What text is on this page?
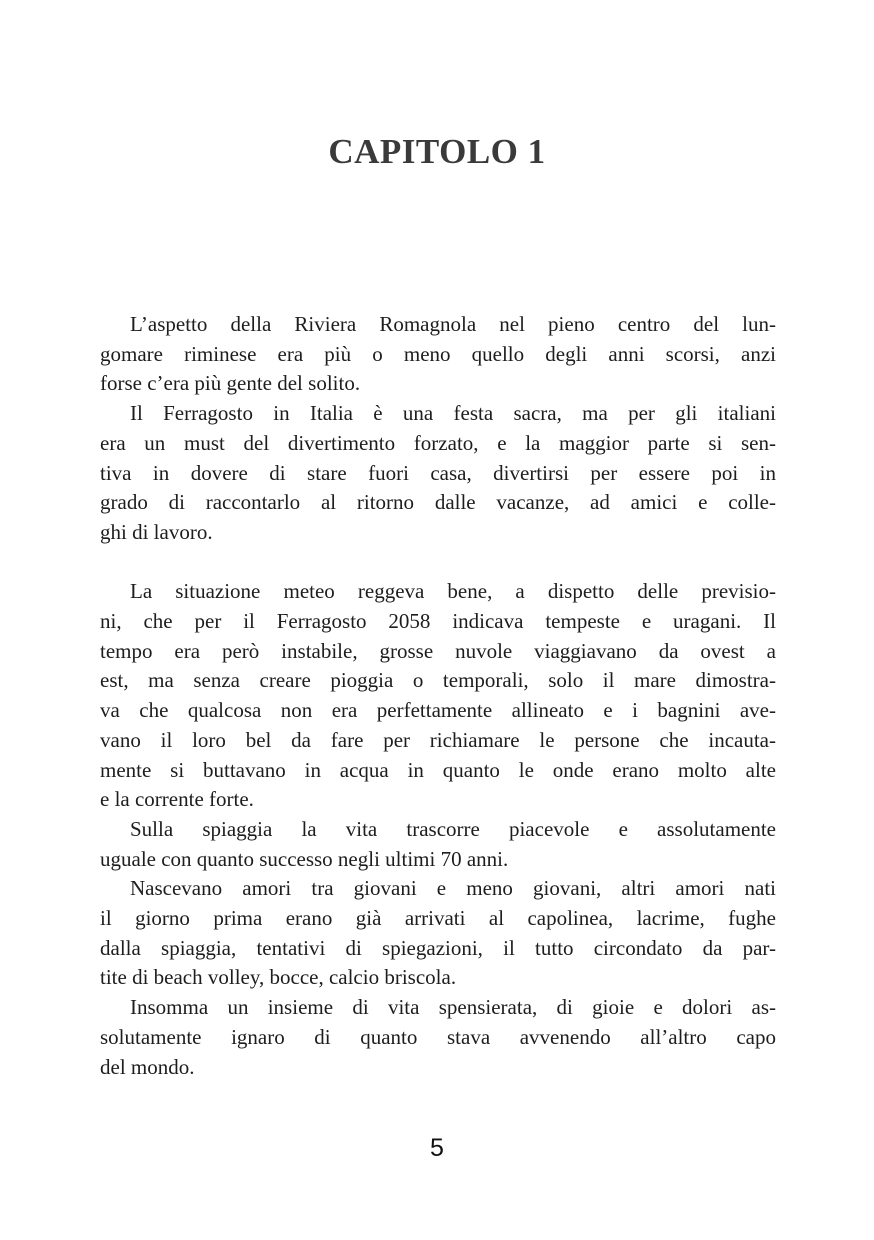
CAPITOLO 1
L’aspetto della Riviera Romagnola nel pieno centro del lun-
gomare riminese era più o meno quello degli anni scorsi, anzi
forse c’era più gente del solito.
Il Ferragosto in Italia è una festa sacra, ma per gli italiani
era un must del divertimento forzato, e la maggior parte si sen-
tiva in dovere di stare fuori casa, divertirsi per essere poi in
grado di raccontarlo al ritorno dalle vacanze, ad amici e colle-
ghi di lavoro.
La situazione meteo reggeva bene, a dispetto delle previsio-
ni, che per il Ferragosto 2058 indicava tempeste e uragani. Il
tempo era però instabile, grosse nuvole viaggiavano da ovest a
est, ma senza creare pioggia o temporali, solo il mare dimostra-
va che qualcosa non era perfettamente allineato e i bagnini ave-
vano il loro bel da fare per richiamare le persone che incauta-
mente si buttavano in acqua in quanto le onde erano molto alte
e la corrente forte.
Sulla spiaggia la vita trascorre piacevole e assolutamente
uguale con quanto successo negli ultimi 70 anni.
Nascevano amori tra giovani e meno giovani, altri amori nati
il giorno prima erano già arrivati al capolinea, lacrime, fughe
dalla spiaggia, tentativi di spiegazioni, il tutto circondato da par-
tite di beach volley, bocce, calcio briscola.
Insomma un insieme di vita spensierata, di gioie e dolori as-
solutamente ignaro di quanto stava avvenendo all’altro capo
del mondo.
5
